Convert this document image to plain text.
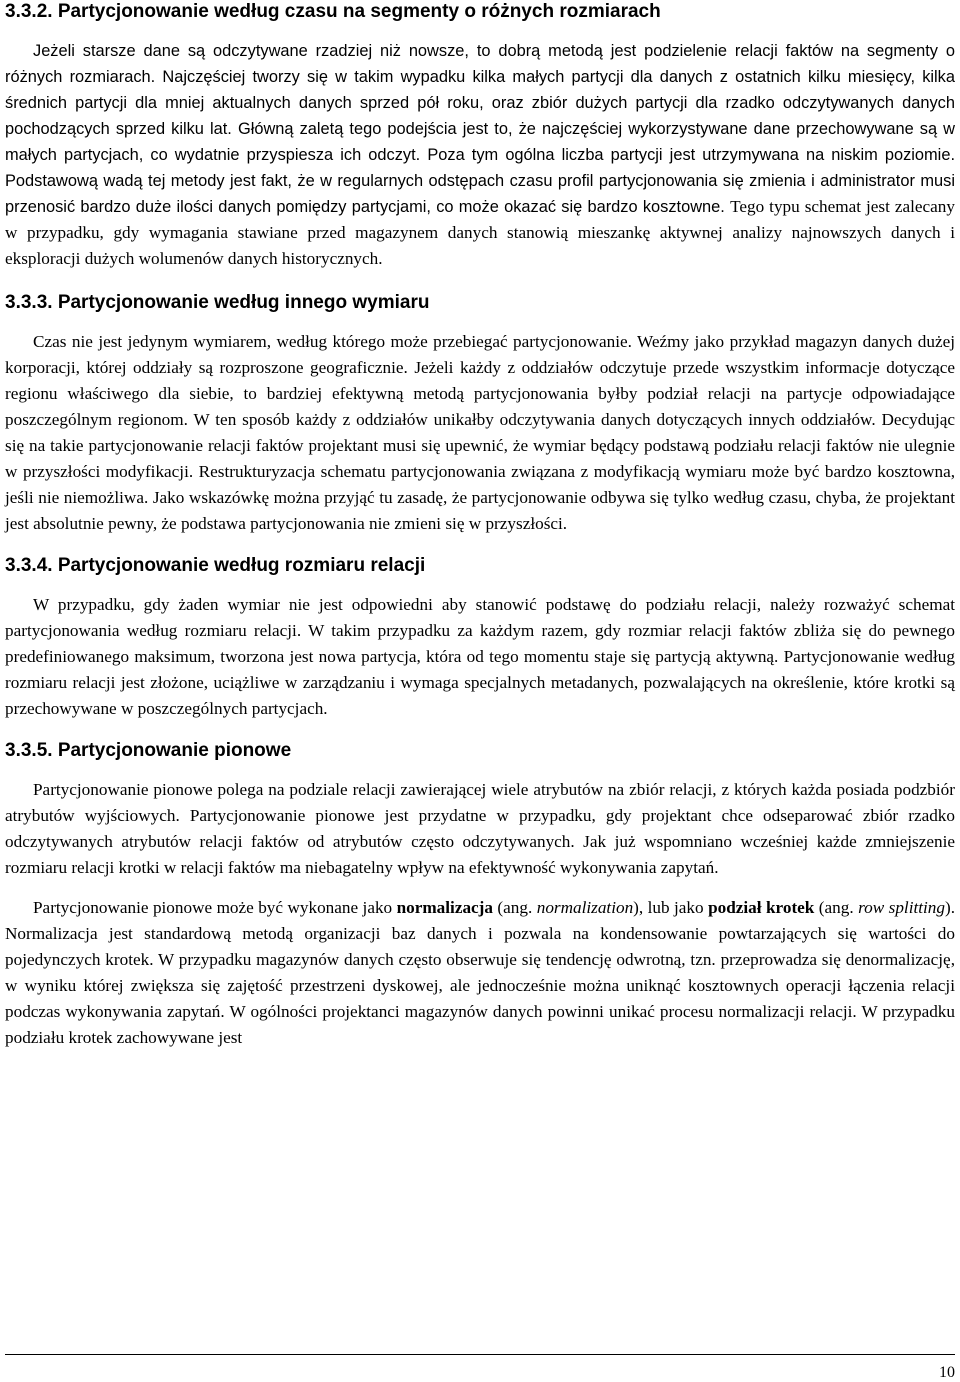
3.3.2. Partycjonowanie według czasu na segmenty o różnych rozmiarach

Jeżeli starsze dane są odczytywane rzadziej niż nowsze, to dobrą metodą jest podzielenie relacji faktów na segmenty o różnych rozmiarach. Najczęściej tworzy się w takim wypadku kilka małych partycji dla danych z ostatnich kilku miesięcy, kilka średnich partycji dla mniej aktualnych danych sprzed pół roku, oraz zbiór dużych partycji dla rzadko odczytywanych danych pochodzących sprzed kilku lat. Główną zaletą tego podejścia jest to, że najczęściej wykorzystywane dane przechowywane są w małych partycjach, co wydatnie przyspiesza ich odczyt. Poza tym ogólna liczba partycji jest utrzymywana na niskim poziomie. Podstawową wadą tej metody jest fakt, że w regularnych odstępach czasu profil partycjonowania się zmienia i administrator musi przenosić bardzo duże ilości danych pomiędzy partycjami, co może okazać się bardzo kosztowne. Tego typu schemat jest zalecany w przypadku, gdy wymagania stawiane przed magazynem danych stanowią mieszankę aktywnej analizy najnowszych danych i eksploracji dużych wolumenów danych historycznych.

3.3.3. Partycjonowanie według innego wymiaru

Czas nie jest jedynym wymiarem, według którego może przebiegać partycjonowanie. Weźmy jako przykład magazyn danych dużej korporacji, której oddziały są rozproszone geograficznie. Jeżeli każdy z oddziałów odczytuje przede wszystkim informacje dotyczące regionu właściwego dla siebie, to bardziej efektywną metodą partycjonowania byłby podział relacji na partycje odpowiadające poszczególnym regionom. W ten sposób każdy z oddziałów unikałby odczytywania danych dotyczących innych oddziałów. Decydując się na takie partycjonowanie relacji faktów projektant musi się upewnić, że wymiar będący podstawą podziału relacji faktów nie ulegnie w przyszłości modyfikacji. Restrukturyzacja schematu partycjonowania związana z modyfikacją wymiaru może być bardzo kosztowna, jeśli nie niemożliwa. Jako wskazówkę można przyjąć tu zasadę, że partycjonowanie odbywa się tylko według czasu, chyba, że projektant jest absolutnie pewny, że podstawa partycjonowania nie zmieni się w przyszłości.

3.3.4. Partycjonowanie według rozmiaru relacji

W przypadku, gdy żaden wymiar nie jest odpowiedni aby stanowić podstawę do podziału relacji, należy rozważyć schemat partycjonowania według rozmiaru relacji. W takim przypadku za każdym razem, gdy rozmiar relacji faktów zbliża się do pewnego predefiniowanego maksimum, tworzona jest nowa partycja, która od tego momentu staje się partycją aktywną. Partycjonowanie według rozmiaru relacji jest złożone, uciążliwe w zarządzaniu i wymaga specjalnych metadanych, pozwalających na określenie, które krotki są przechowywane w poszczególnych partycjach.

3.3.5. Partycjonowanie pionowe

Partycjonowanie pionowe polega na podziale relacji zawierającej wiele atrybutów na zbiór relacji, z których każda posiada podzbiór atrybutów wyjściowych. Partycjonowanie pionowe jest przydatne w przypadku, gdy projektant chce odseparować zbiór rzadko odczytywanych atrybutów relacji faktów od atrybutów często odczytywanych. Jak już wspomniano wcześniej każde zmniejszenie rozmiaru relacji krotki w relacji faktów ma niebagatelny wpływ na efektywność wykonywania zapytań.

Partycjonowanie pionowe może być wykonane jako normalizacja (ang. normalization), lub jako podział krotek (ang. row splitting). Normalizacja jest standardową metodą organizacji baz danych i pozwala na kondensowanie powtarzających się wartości do pojedynczych krotek. W przypadku magazynów danych często obserwuje się tendencję odwrotną, tzn. przeprowadza się denormalizację, w wyniku której zwiększa się zajętość przestrzeni dyskowej, ale jednocześnie można uniknąć kosztownych operacji łączenia relacji podczas wykonywania zapytań. W ogólności projektanci magazynów danych powinni unikać procesu normalizacji relacji. W przypadku podziału krotek zachowywane jest

10
